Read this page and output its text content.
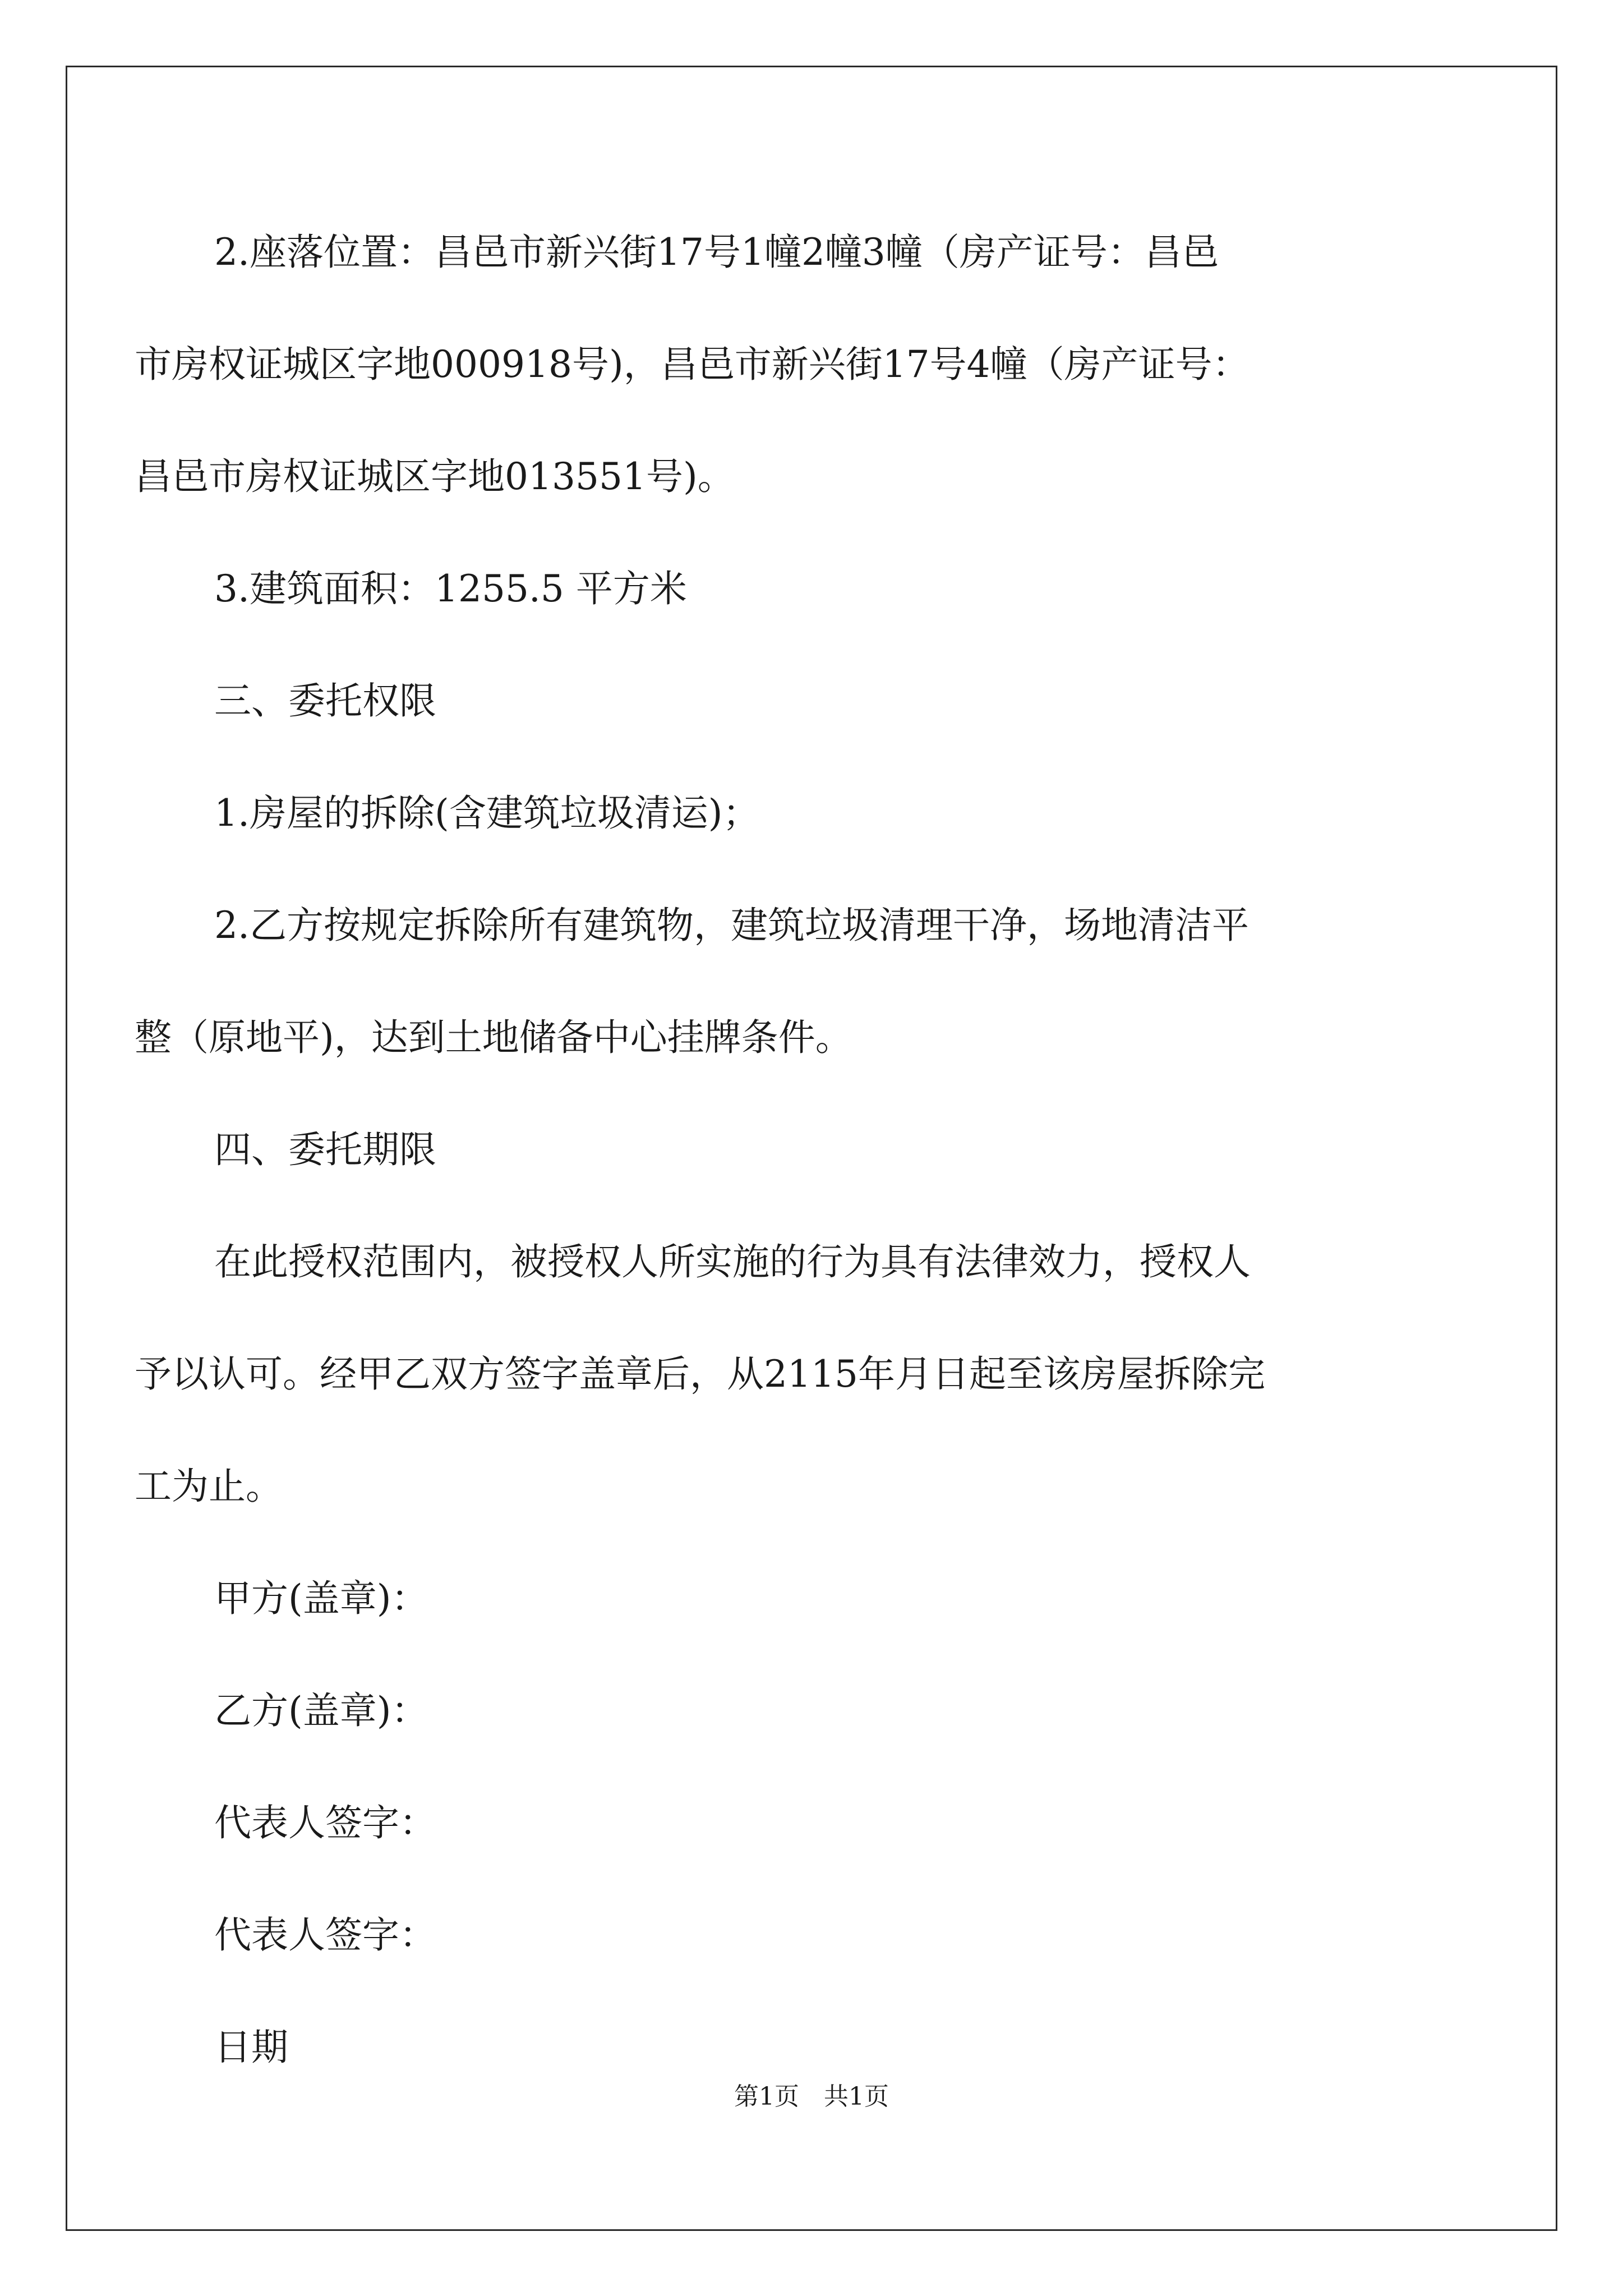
2.座落位置：昌邑市新兴街17号1幢2幢3幢（房产证号：昌邑
市房权证城区字地000918号)，昌邑市新兴街17号4幢（房产证号：
昌邑市房权证城区字地013551号)。

3.建筑面积：1255.5 平方米

三、委托权限

1.房屋的拆除(含建筑垃圾清运)；

2.乙方按规定拆除所有建筑物，建筑垃圾清理干净，场地清洁平
整（原地平)，达到土地储备中心挂牌条件。

四、委托期限

在此授权范围内，被授权人所实施的行为具有法律效力，授权人
予以认可。经甲乙双方签字盖章后，从2115年月日起至该房屋拆除完
工为止。

甲方(盖章)：

乙方(盖章)：

代表人签字：

代表人签字：

日期

第1页　共1页
